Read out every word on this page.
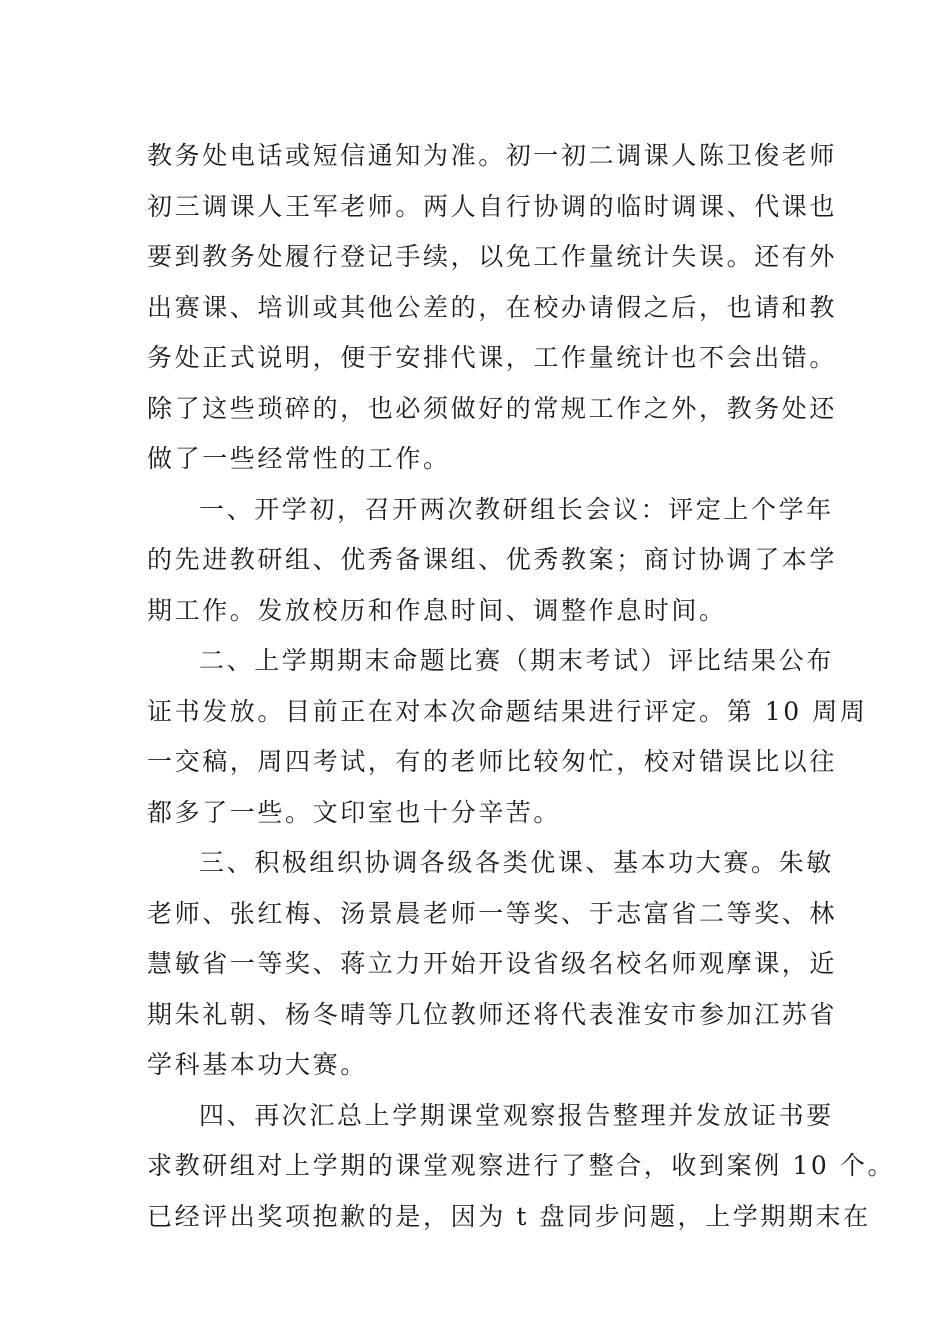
教务处电话或短信通知为准。初一初二调课人陈卫俊老师
初三调课人王军老师。两人自行协调的临时调课、代课也
要到教务处履行登记手续，以免工作量统计失误。还有外
出赛课、培训或其他公差的，在校办请假之后，也请和教
务处正式说明，便于安排代课，工作量统计也不会出错。
除了这些琐碎的，也必须做好的常规工作之外，教务处还
做了一些经常性的工作。
一、开学初，召开两次教研组长会议：评定上个学年
的先进教研组、优秀备课组、优秀教案；商讨协调了本学
期工作。发放校历和作息时间、调整作息时间。
二、上学期期末命题比赛（期末考试）评比结果公布
证书发放。目前正在对本次命题结果进行评定。第 10 周周
一交稿，周四考试，有的老师比较匆忙，校对错误比以往
都多了一些。文印室也十分辛苦。
三、积极组织协调各级各类优课、基本功大赛。朱敏
老师、张红梅、汤景晨老师一等奖、于志富省二等奖、林
慧敏省一等奖、蒋立力开始开设省级名校名师观摩课，近
期朱礼朝、杨冬晴等几位教师还将代表淮安市参加江苏省
学科基本功大赛。
四、再次汇总上学期课堂观察报告整理并发放证书要
求教研组对上学期的课堂观察进行了整合，收到案例 10 个。
已经评出奖项抱歉的是，因为 t 盘同步问题，上学期期末在
